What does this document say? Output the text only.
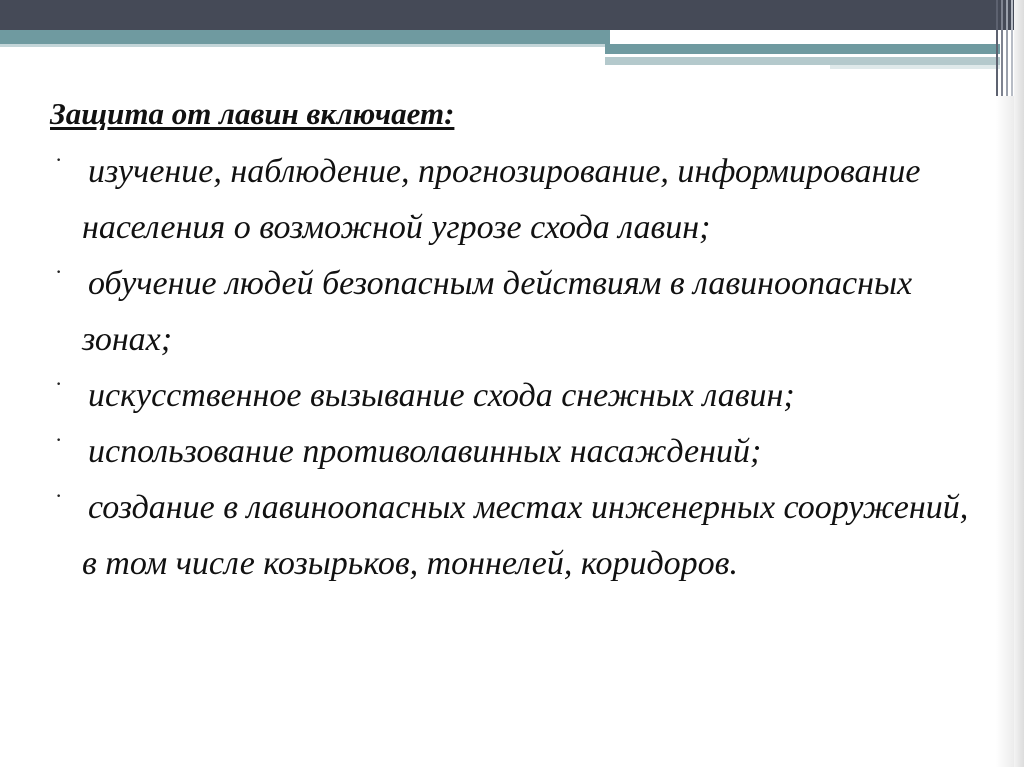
Защита от лавин включает:
· изучение, наблюдение, прогнозирование, информирование населения о возможной угрозе схода лавин;
· обучение людей безопасным действиям в лавиноопасных зонах;
· искусственное вызывание схода снежных лавин;
· использование противолавинных насаждений;
· создание в лавиноопасных местах инженерных сооружений, в том числе козырьков, тоннелей, коридоров.
